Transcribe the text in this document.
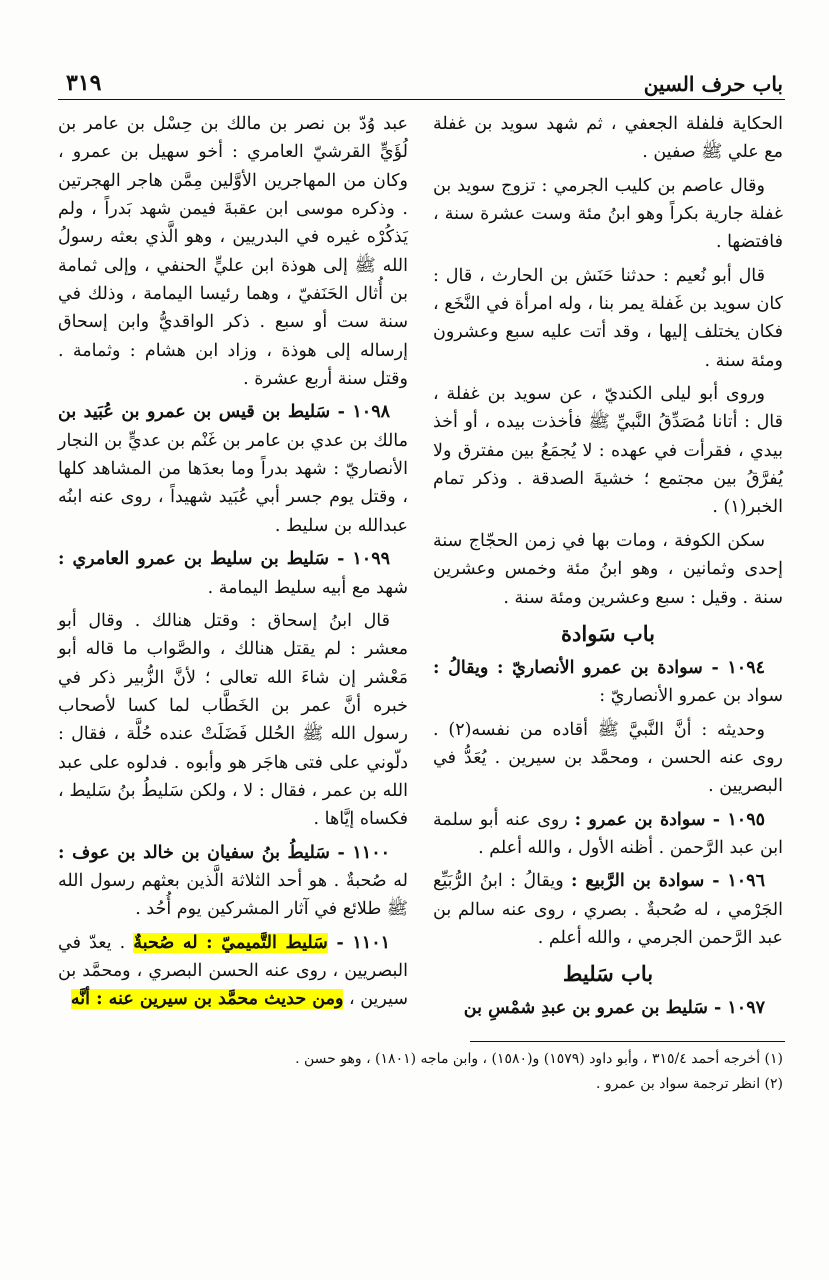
٣١٩	باب حرف السين

الحكاية فلفلة الجعفي ، ثم شهد سويد بن غفلة مع علي ﷺ صفين .

وقال عاصم بن كليب الجرمي : تزوج سويد بن غفلة جارية بكراً وهو ابنُ مئة وست عشرة سنة ، فافتضها .

قال أبو نُعيم : حدثنا حَنَش بن الحارث ، قال : كان سويد بن غَفلة يمر بنا ، وله امرأة في النَّخَع ، فكان يختلف إليها ، وقد أتت عليه سبع وعشرون ومئة سنة .

وروى أبو ليلى الكنديّ ، عن سويد بن غفلة ، قال : أتانا مُصَدِّقُ النَّبيِّ ﷺ فأخذت بيده ، أو أخذ بيدي ، فقرأت في عهده : لا يُجمَعُ بين مفترق ولا يُفرَّقُ بين مجتمع ؛ خشيةَ الصدقة . وذكر تمام الخبر(١) .

سكن الكوفة ، ومات بها في زمن الحجّاج سنة إحدى وثمانين ، وهو ابنُ مئة وخمس وعشرين سنة . وقيل : سبع وعشرين ومئة سنة .

باب سَوادة

١٠٩٤ - سوادة بن عمرو الأنصاريّ : ويقالُ : سواد بن عمرو الأنصاريّ :

وحديثه : أنَّ النَّبيَّ ﷺ أقاده من نفسه(٢) . روى عنه الحسن ، ومحمَّد بن سيرين . يُعَدُّ في البصريين .

١٠٩٥ - سوادة بن عمرو : روى عنه أبو سلمة ابن عبد الرَّحمن . أظنه الأول ، والله أعلم .

١٠٩٦ - سوادة بن الرَّبيع : ويقالُ : ابنُ الرُّبَيِّع الجَرْمي ، له صُحبةٌ . بصري ، روى عنه سالم بن عبد الرَّحمن الجرمي ، والله أعلم .

باب سَليط

١٠٩٧ - سَليط بن عمرو بن عبدِ شمْسِ بن

عبد وُدّ بن نصر بن مالك بن حِسْل بن عامر بن لُؤَيٍّ القرشيّ العامري : أخو سهيل بن عمرو ، وكان من المهاجرين الأوَّلين مِمَّن هاجر الهجرتين . وذكره موسى ابن عقبةَ فيمن شهد بَدراً ، ولم يَذكُرْه غيره في البدريين ، وهو الَّذي بعثه رسولُ الله ﷺ إلى هوذة ابن عليٍّ الحنفي ، وإلى ثمامة بن أُثال الحَنَفيّ ، وهما رئيسا اليمامة ، وذلك في سنة ست أو سبع . ذكر الواقديُّ وابن إسحاق إرساله إلى هوذة ، وزاد ابن هشام : وثمامة . وقتل سنة أربع عشرة .

١٠٩٨ - سَليط بن قيس بن عمرو بن عُبَيد بن مالك بن عدي بن عامر بن غَنْم بن عديٍّ بن النجار الأنصاريّ : شهد بدراً وما بعدَها من المشاهد كلها ، وقتل يوم جسر أبي عُبَيد شهيداً ، روى عنه ابنُه عبدالله بن سليط .

١٠٩٩ - سَليط بن سليط بن عمرو العامري : شهد مع أبيه سليط اليمامة .

قال ابنُ إسحاق : وقتل هنالك . وقال أبو معشر : لم يقتل هنالك ، والصَّواب ما قاله أبو مَعْشر إن شاءَ الله تعالى ؛ لأنَّ الزُّبير ذكر في خبره أنَّ عمر بن الخَطَّاب لما كسا لأصحاب رسول الله ﷺ الحُلل فَضَلَتْ عنده حُلَّة ، فقال : دلّوني على فتى هاجَر هو وأبوه . فدلوه على عبد الله بن عمر ، فقال : لا ، ولكن سَليطُ بنُ سَليط ، فكساه إيَّاها .

١١٠٠ - سَليطُ بنُ سفيان بن خالد بن عوف : له صُحبةٌ . هو أحد الثلاثة الَّذين بعثهم رسول الله ﷺ طلائع في آثار المشركين يوم أُحُد .

١١٠١ - سَليط التَّميميّ : له صُحبةٌ . يعدّ في البصريين ، روى عنه الحسن البصري ، ومحمَّد بن سيرين ، ومن حديث محمَّد بن سيرين عنه : أنَّه

(١) أخرجه أحمد ٣١٥/٤ ، وأبو داود (١٥٧٩) و(١٥٨٠) ، وابن ماجه (١٨٠١) ، وهو حسن .
(٢) انظر ترجمة سواد بن عمرو .
